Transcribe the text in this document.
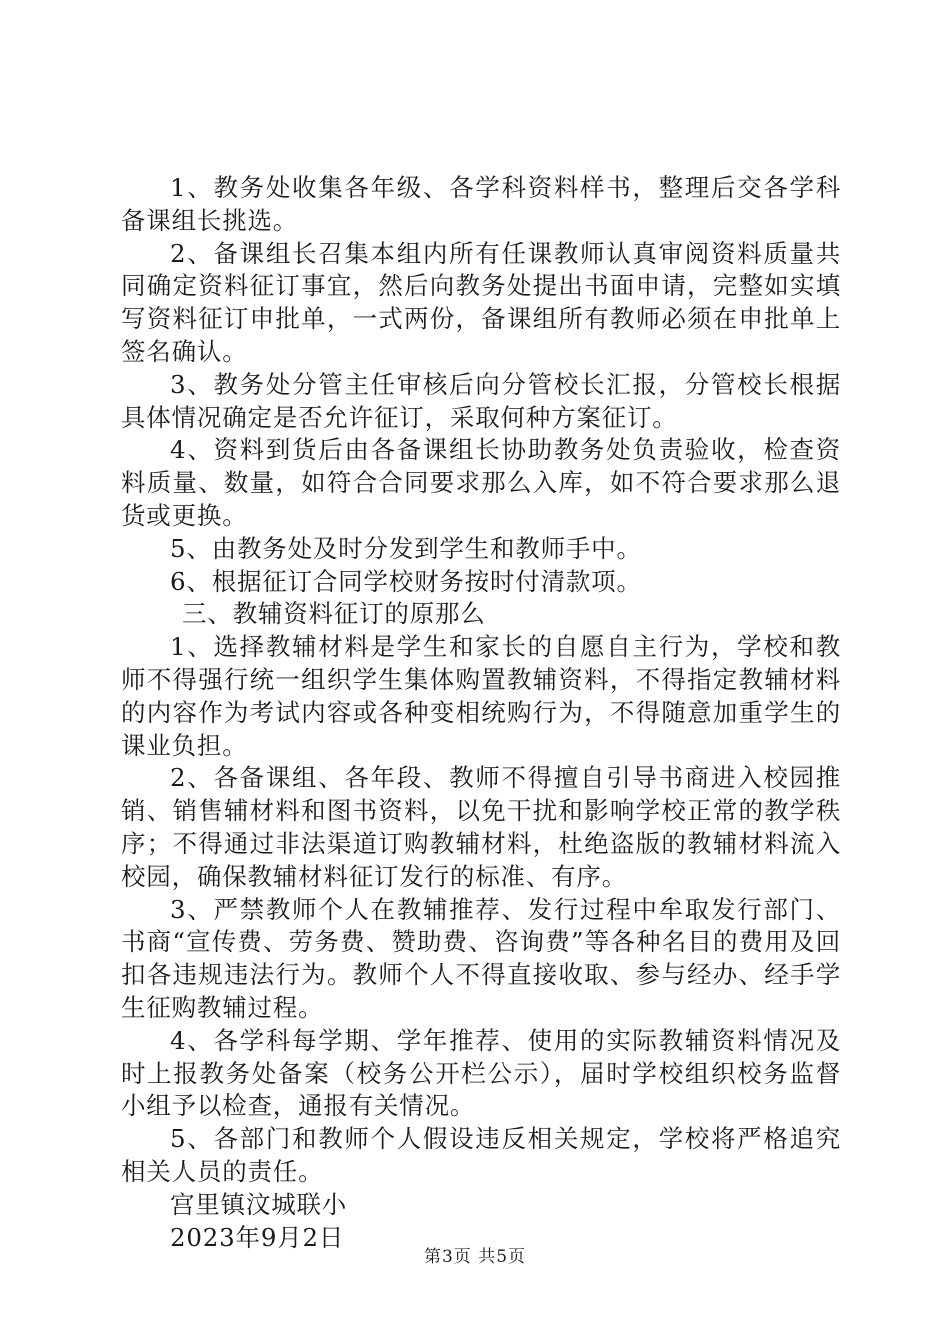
1、教务处收集各年级、各学科资料样书，整理后交各学科备课组长挑选。

2、备课组长召集本组内所有任课教师认真审阅资料质量共同确定资料征订事宜，然后向教务处提出书面申请，完整如实填写资料征订申批单，一式两份，备课组所有教师必须在申批单上签名确认。

3、教务处分管主任审核后向分管校长汇报，分管校长根据具体情况确定是否允许征订，采取何种方案征订。

4、资料到货后由各备课组长协助教务处负责验收，检查资料质量、数量，如符合合同要求那么入库，如不符合要求那么退货或更换。

5、由教务处及时分发到学生和教师手中。

6、根据征订合同学校财务按时付清款项。

三、教辅资料征订的原那么

1、选择教辅材料是学生和家长的自愿自主行为，学校和教师不得强行统一组织学生集体购置教辅资料，不得指定教辅材料的内容作为考试内容或各种变相统购行为，不得随意加重学生的课业负担。

2、各备课组、各年段、教师不得擅自引导书商进入校园推销、销售辅材料和图书资料，以免干扰和影响学校正常的教学秩序；不得通过非法渠道订购教辅材料，杜绝盗版的教辅材料流入校园，确保教辅材料征订发行的标准、有序。

3、严禁教师个人在教辅推荐、发行过程中牟取发行部门、书商“宣传费、劳务费、赞助费、咨询费”等各种名目的费用及回扣各违规违法行为。教师个人不得直接收取、参与经办、经手学生征购教辅过程。

4、各学科每学期、学年推荐、使用的实际教辅资料情况及时上报教务处备案（校务公开栏公示），届时学校组织校务监督小组予以检查，通报有关情况。

5、各部门和教师个人假设违反相关规定，学校将严格追究相关人员的责任。

宫里镇汶城联小

2023年9月2日

第3页 共5页
